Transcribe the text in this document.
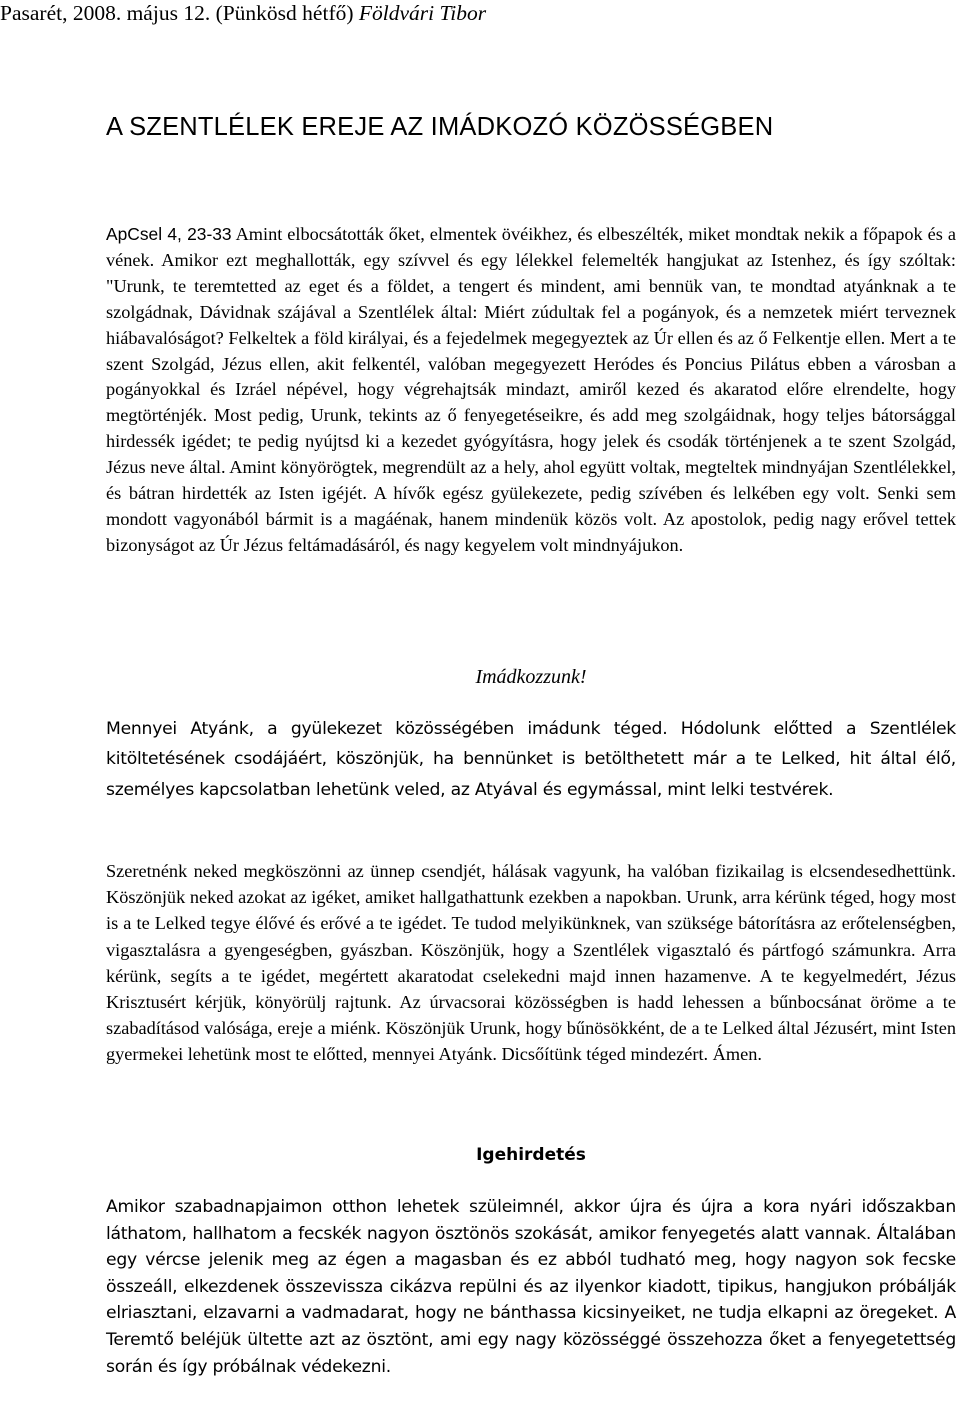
Pasarét, 2008. május 12. (Pünkösd hétfő) Földvári Tibor
A SZENTLÉLEK EREJE AZ IMÁDKOZÓ KÖZÖSSÉGBEN
ApCsel 4, 23-33 Amint elbocsátották őket, elmentek övéikhez, és elbeszélték, miket mondtak nekik a főpapok és a vének. Amikor ezt meghallották, egy szívvel és egy lélekkel felemelték hangjukat az Istenhez, és így szóltak: "Urunk, te teremtetted az eget és a földet, a tengert és mindent, ami bennük van, te mondtad atyánknak a te szolgádnak, Dávidnak szájával a Szentlélek által: Miért zúdultak fel a pogányok, és a nemzetek miért terveznek hiábavalóságot? Felkeltek a föld királyai, és a fejedelmek megegyeztek az Úr ellen és az ő Felkentje ellen. Mert a te szent Szolgád, Jézus ellen, akit felkentél, valóban megegyezett Heródes és Poncius Pilátus ebben a városban a pogányokkal és Izráel népével, hogy végrehajtsák mindazt, amiről kezed és akaratod előre elrendelte, hogy megtörténjék. Most pedig, Urunk, tekints az ő fenyegetéseikre, és add meg szolgáidnak, hogy teljes bátorsággal hirdessék igédet; te pedig nyújtsd ki a kezedet gyógyításra, hogy jelek és csodák történjenek a te szent Szolgád, Jézus neve által. Amint könyörögtek, megrendült az a hely, ahol együtt voltak, megteltek mindnyájan Szentlélekkel, és bátran hirdették az Isten igéjét. A hívők egész gyülekezete, pedig szívében és lelkében egy volt. Senki sem mondott vagyonából bármit is a magáénak, hanem mindenük közös volt. Az apostolok, pedig nagy erővel tettek bizonyságot az Úr Jézus feltámadásáról, és nagy kegyelem volt mindnyájukon.
Imádkozzunk!
Mennyei Atyánk, a gyülekezet közösségében imádunk téged. Hódolunk előtted a Szentlélek kitöltetésének csodájáért, köszönjük, ha bennünket is betölthetett már a te Lelked, hit által élő, személyes kapcsolatban lehetünk veled, az Atyával és egymással, mint lelki testvérek.
Szeretnénk neked megköszönni az ünnep csendjét, hálásak vagyunk, ha valóban fizikailag is elcsendesedhettünk. Köszönjük neked azokat az igéket, amiket hallgathattunk ezekben a napokban. Urunk, arra kérünk téged, hogy most is a te Lelked tegye élővé és erővé a te igédet. Te tudod melyikünknek, van szüksége bátorításra az erőtelenségben, vigasztalásra a gyengeségben, gyászban. Köszönjük, hogy a Szentlélek vigasztaló és pártfogó számunkra. Arra kérünk, segíts a te igédet, megértett akaratodat cselekedni majd innen hazamenve. A te kegyelmedért, Jézus Krisztusért kérjük, könyörülj rajtunk. Az úrvacsorai közösségben is hadd lehessen a bűnbocsánat öröme a te szabadításod valósága, ereje a miénk. Köszönjük Urunk, hogy bűnösökként, de a te Lelked által Jézusért, mint Isten gyermekei lehetünk most te előtted, mennyei Atyánk. Dicsőítünk téged mindezért. Ámen.
Igehirdetés
Amikor szabadnapjaimon otthon lehetek szüleimnél, akkor újra és újra a kora nyári időszakban láthatom, hallhatom a fecskék nagyon ösztönös szokását, amikor fenyegetés alatt vannak. Általában egy vércse jelenik meg az égen a magasban és ez abból tudható meg, hogy nagyon sok fecske összeáll, elkezdenek összevissza cikázva repülni és az ilyenkor kiadott, tipikus, hangjukon próbálják elriasztani, elzavarni a vadmadarat, hogy ne bánthassa kicsinyeiket, ne tudja elkapni az öregeket. A Teremtő beléjük ültette azt az ösztönt, ami egy nagy közösséggé összehozza őket a fenyegetettség során és így próbálnak védekezni.
